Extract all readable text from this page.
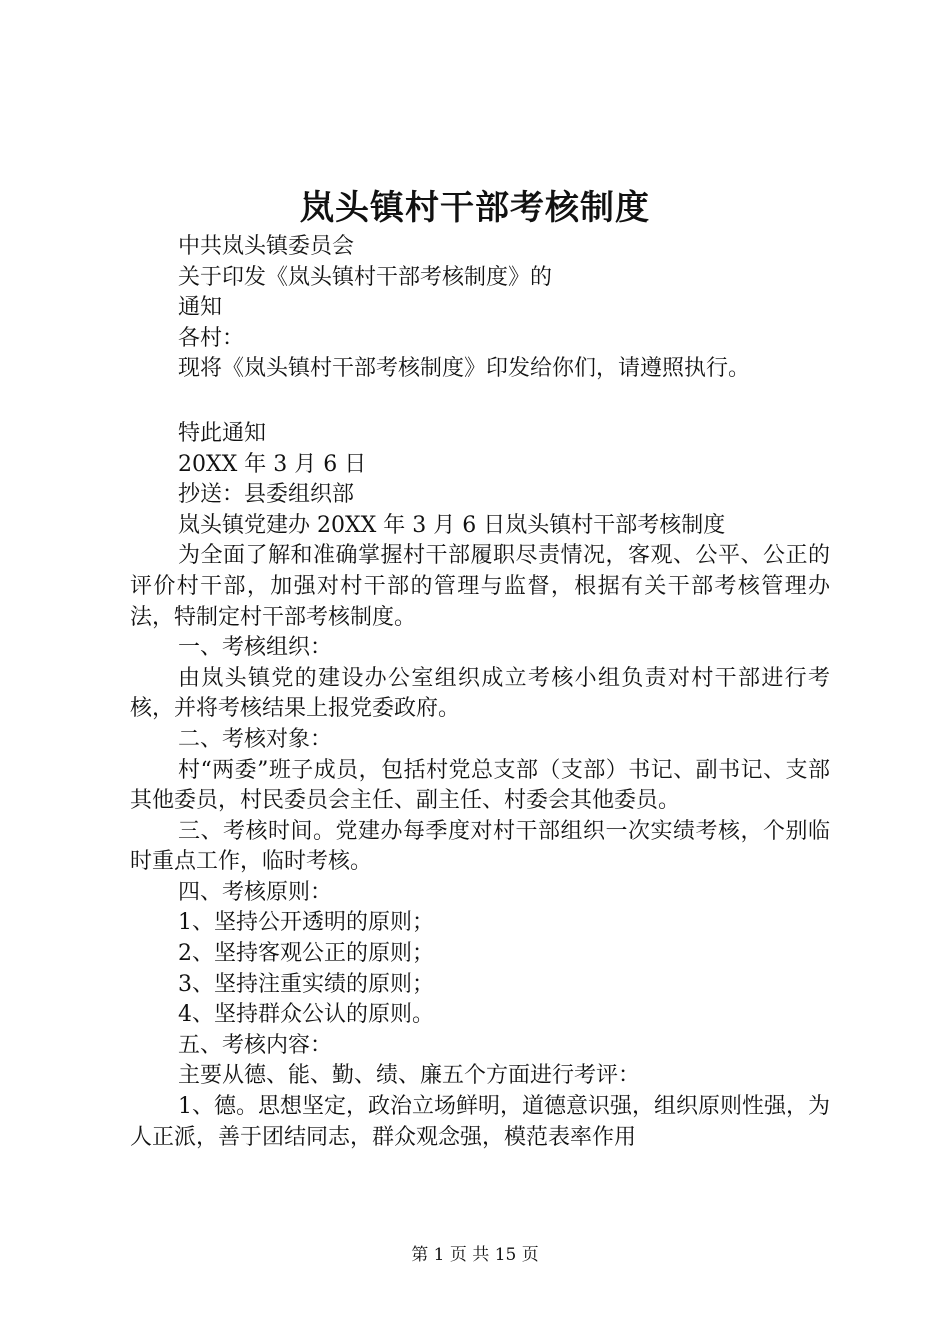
岚头镇村干部考核制度
中共岚头镇委员会
关于印发《岚头镇村干部考核制度》的
通知
各村：
现将《岚头镇村干部考核制度》印发给你们，请遵照执行。
特此通知
20XX 年 3 月 6 日
抄送：县委组织部
岚头镇党建办 20XX 年 3 月 6 日岚头镇村干部考核制度
为全面了解和准确掌握村干部履职尽责情况，客观、公平、公正的评价村干部，加强对村干部的管理与监督，根据有关干部考核管理办法，特制定村干部考核制度。
一、考核组织：
由岚头镇党的建设办公室组织成立考核小组负责对村干部进行考核，并将考核结果上报党委政府。
二、考核对象：
村“两委”班子成员，包括村党总支部（支部）书记、副书记、支部其他委员，村民委员会主任、副主任、村委会其他委员。
三、考核时间。党建办每季度对村干部组织一次实绩考核，个别临时重点工作，临时考核。
四、考核原则：
1、坚持公开透明的原则；
2、坚持客观公正的原则；
3、坚持注重实绩的原则；
4、坚持群众公认的原则。
五、考核内容：
主要从德、能、勤、绩、廉五个方面进行考评：
1、德。思想坚定，政治立场鲜明，道德意识强，组织原则性强，为人正派，善于团结同志，群众观念强，模范表率作用
第 1 页 共 15 页
